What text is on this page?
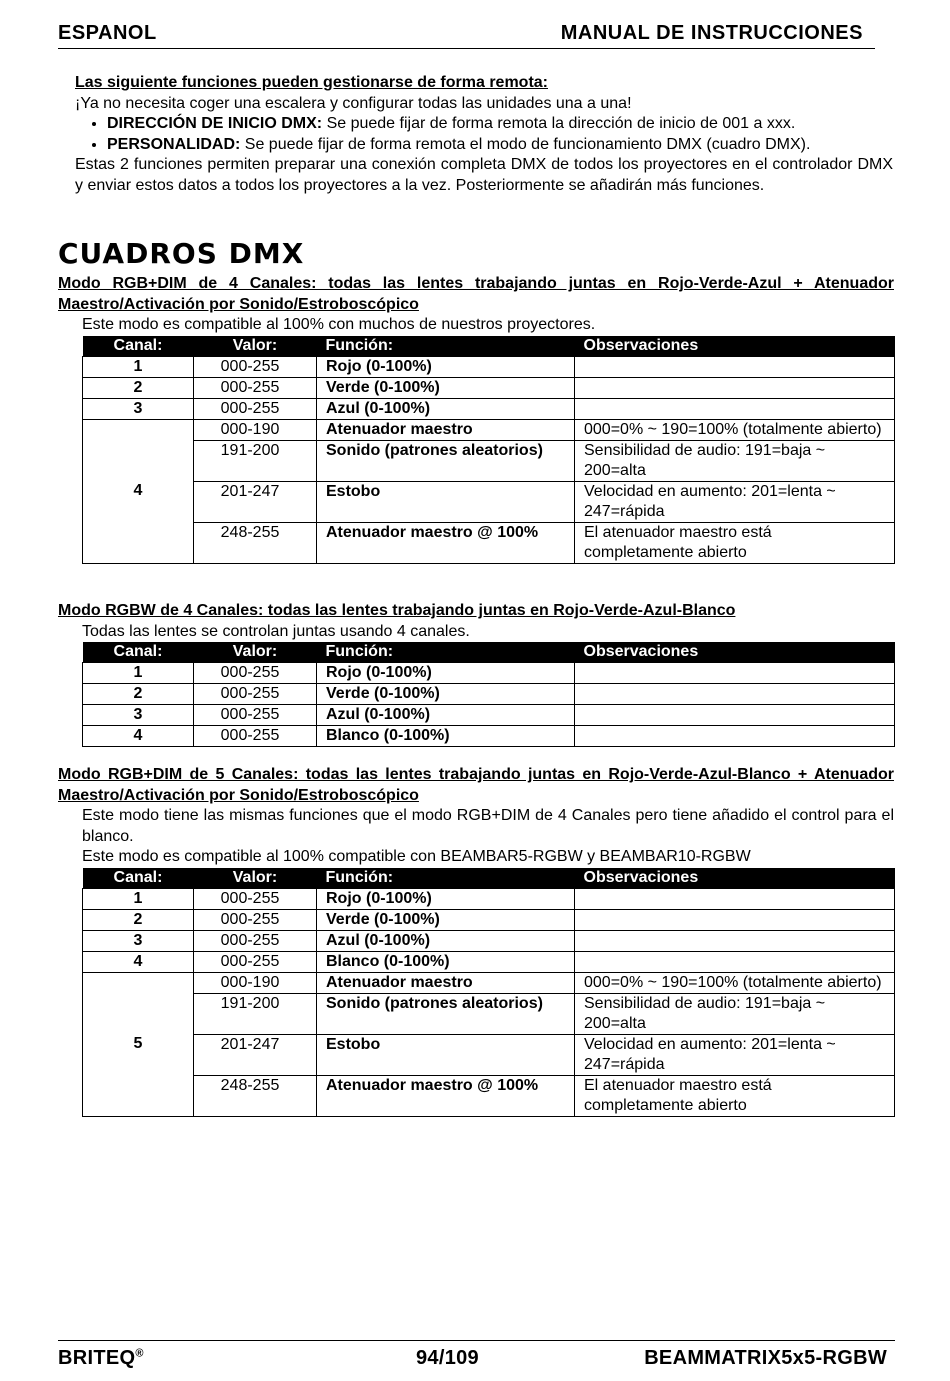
ESPANOL	MANUAL DE INSTRUCCIONES
Las siguiente funciones pueden gestionarse de forma remota:
¡Ya no necesita coger una escalera y configurar todas las unidades una a una!
• DIRECCIÓN DE INICIO DMX: Se puede fijar de forma remota la dirección de inicio de 001 a xxx.
• PERSONALIDAD: Se puede fijar de forma remota el modo de funcionamiento DMX (cuadro DMX).
Estas 2 funciones permiten preparar una conexión completa DMX de todos los proyectores en el controlador DMX y enviar estos datos a todos los proyectores a la vez. Posteriormente se añadirán más funciones.
CUADROS DMX
Modo RGB+DIM de 4 Canales: todas las lentes trabajando juntas en Rojo-Verde-Azul + Atenuador Maestro/Activación por Sonido/Estroboscópico
Este modo es compatible al 100% con muchos de nuestros proyectores.
Canal:	Valor:	Función:	Observaciones
1	000-255	Rojo (0-100%)	
2	000-255	Verde (0-100%)	
3	000-255	Azul (0-100%)	
4	000-190	Atenuador maestro	000=0% ~ 190=100% (totalmente abierto)
	191-200	Sonido (patrones aleatorios)	Sensibilidad de audio: 191=baja ~ 200=alta
	201-247	Estobo	Velocidad en aumento: 201=lenta ~ 247=rápida
	248-255	Atenuador maestro @ 100%	El atenuador maestro está completamente abierto
Modo RGBW de 4 Canales: todas las lentes trabajando juntas en Rojo-Verde-Azul-Blanco
Todas las lentes se controlan juntas usando 4 canales.
Canal:	Valor:	Función:	Observaciones
1	000-255	Rojo (0-100%)	
2	000-255	Verde (0-100%)	
3	000-255	Azul (0-100%)	
4	000-255	Blanco (0-100%)	
Modo RGB+DIM de 5 Canales: todas las lentes trabajando juntas en Rojo-Verde-Azul-Blanco + Atenuador Maestro/Activación por Sonido/Estroboscópico
Este modo tiene las mismas funciones que el modo RGB+DIM de 4 Canales pero tiene añadido el control para el blanco.
Este modo es compatible al 100% compatible con BEAMBAR5-RGBW y BEAMBAR10-RGBW
Canal:	Valor:	Función:	Observaciones
1	000-255	Rojo (0-100%)	
2	000-255	Verde (0-100%)	
3	000-255	Azul (0-100%)	
4	000-255	Blanco (0-100%)	
5	000-190	Atenuador maestro	000=0% ~ 190=100% (totalmente abierto)
	191-200	Sonido (patrones aleatorios)	Sensibilidad de audio: 191=baja ~ 200=alta
	201-247	Estobo	Velocidad en aumento: 201=lenta ~ 247=rápida
	248-255	Atenuador maestro @ 100%	El atenuador maestro está completamente abierto
BRITEQ®	94/109	BEAMMATRIX5x5-RGBW
